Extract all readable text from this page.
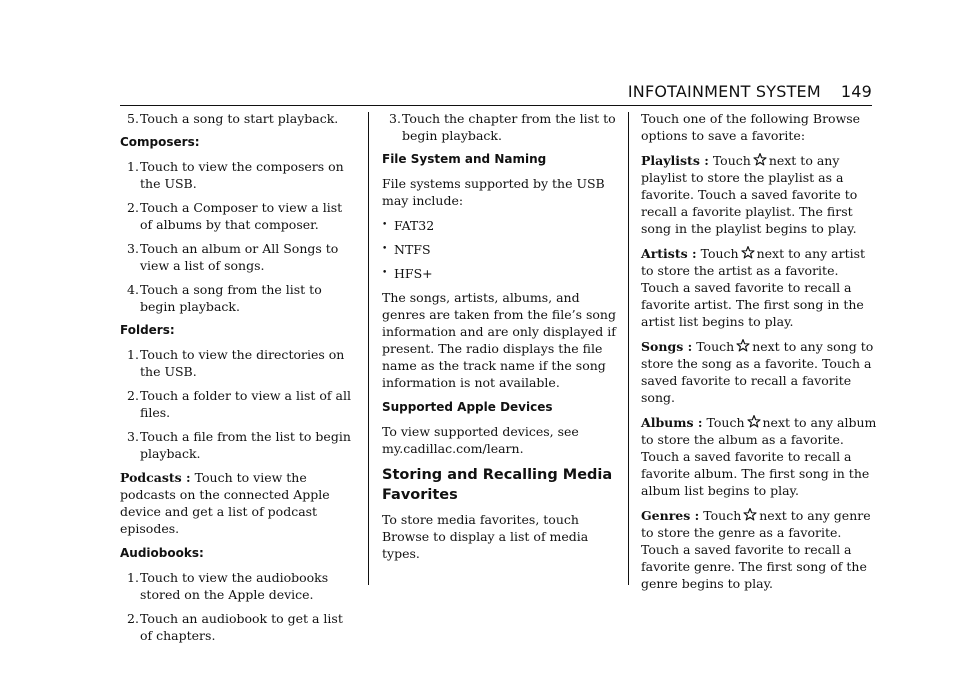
INFOTAINMENT SYSTEM 149
5. Touch a song to start playback.
Composers:
1. Touch to view the composers on the USB.
2. Touch a Composer to view a list of albums by that composer.
3. Touch an album or All Songs to view a list of songs.
4. Touch a song from the list to begin playback.
Folders:
1. Touch to view the directories on the USB.
2. Touch a folder to view a list of all files.
3. Touch a file from the list to begin playback.

Podcasts : Touch to view the podcasts on the connected Apple device and get a list of podcast episodes.

Audiobooks:
1. Touch to view the audiobooks stored on the Apple device.
2. Touch an audiobook to get a list of chapters.
3. Touch the chapter from the list to begin playback.
File System and Naming

File systems supported by the USB may include:

• FAT32
• NTFS
• HFS+

The songs, artists, albums, and genres are taken from the file’s song information and are only displayed if present. The radio displays the file name as the track name if the song information is not available.

Supported Apple Devices

To view supported devices, see my.cadillac.com/learn.

Storing and Recalling Media Favorites

To store media favorites, touch Browse to display a list of media types.

Touch one of the following Browse options to save a favorite:

Playlists : Touch next to any playlist to store the playlist as a favorite. Touch a saved favorite to recall a favorite playlist. The first song in the playlist begins to play.

Artists : Touch next to any artist to store the artist as a favorite. Touch a saved favorite to recall a favorite artist. The first song in the artist list begins to play.

Songs : Touch next to any song to store the song as a favorite. Touch a saved favorite to recall a favorite song.

Albums : Touch next to any album to store the album as a favorite. Touch a saved favorite to recall a favorite album. The first song in the album list begins to play.

Genres : Touch next to any genre to store the genre as a favorite. Touch a saved favorite to recall a favorite genre. The first song of the genre begins to play.
